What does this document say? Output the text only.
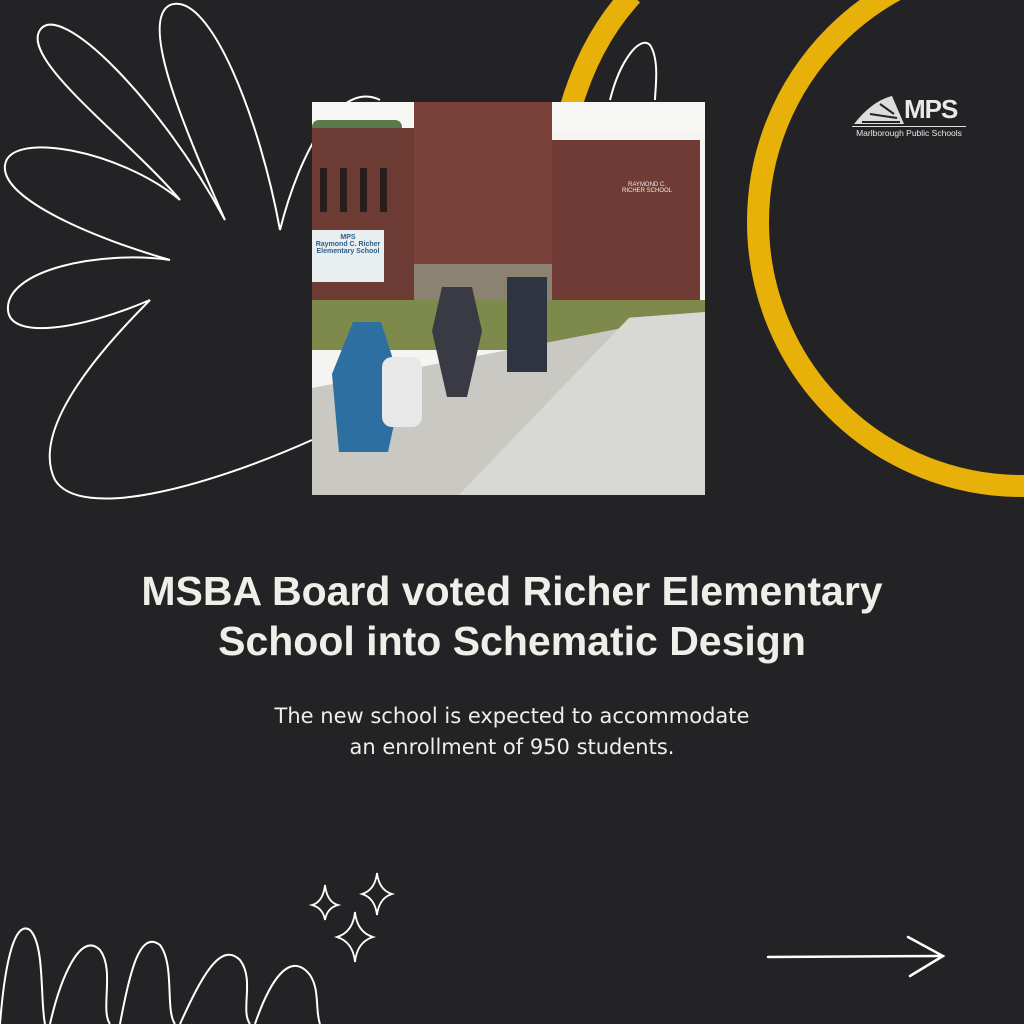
RAYMOND C. RICHER SCHOOL
MPS
Raymond C. Richer Elementary School
MPS
Marlborough Public Schools
MSBA Board voted Richer Elementary
School into Schematic Design
The new school is expected to accommodate
an enrollment of 950 students.
